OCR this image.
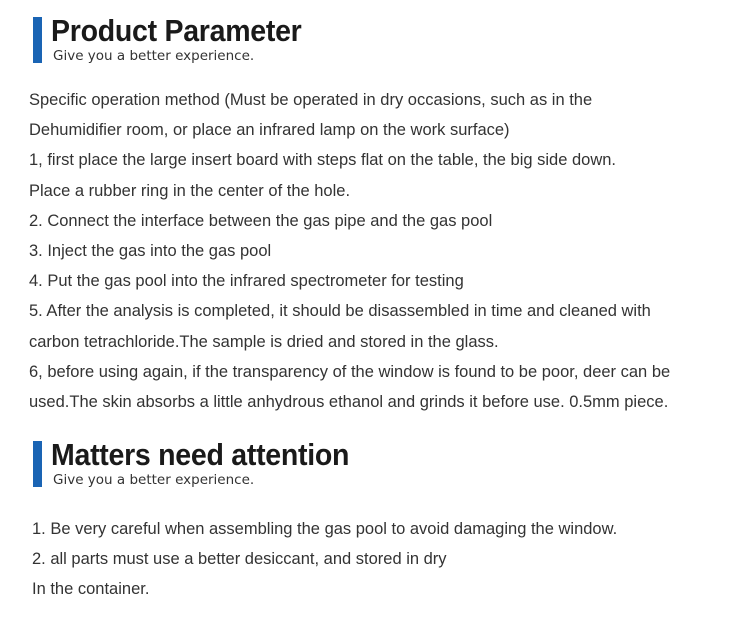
Product Parameter

Give you a better experience.

Specific operation method (Must be operated in dry occasions, such as in the
Dehumidifier room, or place an infrared lamp on the work surface)
1, first place the large insert board with steps flat on the table, the big side down.
Place a rubber ring in the center of the hole.
2. Connect the interface between the gas pipe and the gas pool
3. Inject the gas into the gas pool
4. Put the gas pool into the infrared spectrometer for testing
5. After the analysis is completed, it should be disassembled in time and cleaned with
carbon tetrachloride.The sample is dried and stored in the glass.
6, before using again, if the transparency of the window is found to be poor, deer can be
used.The skin absorbs a little anhydrous ethanol and grinds it before use. 0.5mm piece.
Matters need attention

Give you a better experience.

1. Be very careful when assembling the gas pool to avoid damaging the window.
2. all parts must use a better desiccant, and stored in dry
In the container.
